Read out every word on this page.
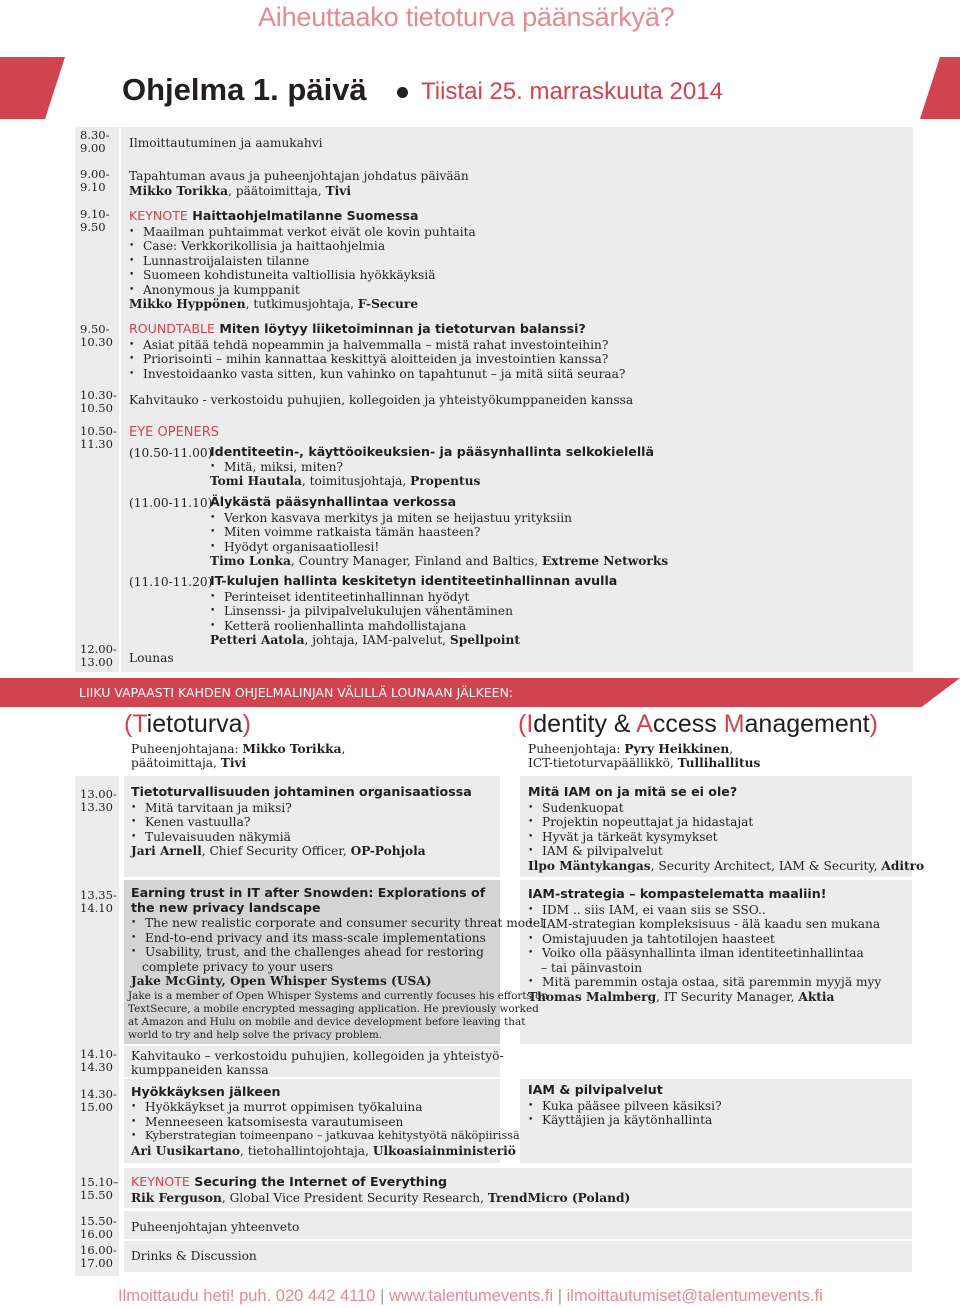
Aiheuttaako tietoturva päänsärkyä?
Ohjelma 1. päivä Tiistai 25. marraskuuta 2014
8.30-
9.00
9.00-
9.10
9.10-
9.50
9.50-
10.30
10.30-
10.50
10.50-
11.30
12.00-
13.00
Ilmoittautuminen ja aamukahvi
Tapahtuman avaus ja puheenjohtajan johdatus päivään
Mikko Torikka, päätoimittaja, Tivi
KEYNOTE Haittaohjelmatilanne Suomessa
• Maailman puhtaimmat verkot eivät ole kovin puhtaita
• Case: Verkkorikollisia ja haittaohjelmia
• Lunnastroijalaisten tilanne
• Suomeen kohdistuneita valtiollisia hyökkäyksiä
• Anonymous ja kumppanit
Mikko Hyppönen, tutkimusjohtaja, F-Secure
ROUNDTABLE Miten löytyy liiketoiminnan ja tietoturvan balanssi?
• Asiat pitää tehdä nopeammin ja halvemmalla – mistä rahat investointeihin?
• Priorisointi – mihin kannattaa keskittyä aloitteiden ja investointien kanssa?
• Investoidaanko vasta sitten, kun vahinko on tapahtunut – ja mitä siitä seuraa?
Kahvitauko - verkostoidu puhujien, kollegoiden ja yhteistyökumppaneiden kanssa
EYE OPENERS
(10.50-11.00)
Identiteetin-, käyttöoikeuksien- ja pääsynhallinta selkokielellä
• Mitä, miksi, miten?
Tomi Hautala, toimitusjohtaja, Propentus
(11.00-11.10)
Älykästä pääsynhallintaa verkossa
• Verkon kasvava merkitys ja miten se heijastuu yrityksiin
• Miten voimme ratkaista tämän haasteen?
• Hyödyt organisaatiollesi!
Timo Lonka, Country Manager, Finland and Baltics, Extreme Networks
(11.10-11.20)
IT-kulujen hallinta keskitetyn identiteetinhallinnan avulla
• Perinteiset identiteetinhallinnan hyödyt
• Linsenssi- ja pilvipalvelukulujen vähentäminen
• Ketterä roolienhallinta mahdollistajana
Petteri Aatola, johtaja, IAM-palvelut, Spellpoint
Lounas
LIIKU VAPAASTI KAHDEN OHJELMALINJAN VÄLILLÄ LOUNAAN JÄLKEEN:
(Tietoturva)	(Identity & Access Management)
Puheenjohtajana: Mikko Torikka,
päätoimittaja, Tivi
Puheenjohtaja: Pyry Heikkinen,
ICT-tietoturvapäällikkö, Tullihallitus
13.00-
13.30
13.35-
14.10
14.10-
14.30
14.30-
15.00
15.10–
15.50
15.50-
16.00
16.00-
17.00
Tietoturvallisuuden johtaminen organisaatiossa
• Mitä tarvitaan ja miksi?
• Kenen vastuulla?
• Tulevaisuuden näkymiä
Jari Arnell, Chief Security Officer, OP-Pohjola
Earning trust in IT after Snowden: Explorations of
the new privacy landscape
• The new realistic corporate and consumer security threat model
• End-to-end privacy and its mass-scale implementations
• Usability, trust, and the challenges ahead for restoring
complete privacy to your users
Jake McGinty, Open Whisper Systems (USA)
Jake is a member of Open Whisper Systems and currently focuses his efforts on
TextSecure, a mobile encrypted messaging application. He previously worked
at Amazon and Hulu on mobile and device development before leaving that
world to try and help solve the privacy problem.
Kahvitauko – verkostoidu puhujien, kollegoiden ja yhteistyö-
kumppaneiden kanssa
Hyökkäyksen jälkeen
• Hyökkäykset ja murrot oppimisen työkaluina
• Menneeseen katsomisesta varautumiseen
• Kyberstrategian toimeenpano – jatkuvaa kehitystyötä näköpiirissä
Ari Uusikartano, tietohallintojohtaja, Ulkoasiainministeriö
KEYNOTE Securing the Internet of Everything
Rik Ferguson, Global Vice President Security Research, TrendMicro (Poland)
Puheenjohtajan yhteenveto
Drinks & Discussion
Mitä IAM on ja mitä se ei ole?
• Sudenkuopat
• Projektin nopeuttajat ja hidastajat
• Hyvät ja tärkeät kysymykset
• IAM & pilvipalvelut
Ilpo Mäntykangas, Security Architect, IAM & Security, Aditro
IAM-strategia – kompastelematta maaliin!
• IDM .. siis IAM, ei vaan siis se SSO..
• IAM-strategian kompleksisuus - älä kaadu sen mukana
• Omistajuuden ja tahtotilojen haasteet
• Voiko olla pääsynhallinta ilman identiteetinhallintaa
– tai päinvastoin
• Mitä paremmin ostaja ostaa, sitä paremmin myyjä myy
Thomas Malmberg, IT Security Manager, Aktia
IAM & pilvipalvelut
• Kuka pääsee pilveen käsiksi?
• Käyttäjien ja käytönhallinta
Ilmoittaudu heti! puh. 020 442 4110 | www.talentumevents.fi | ilmoittautumiset@talentumevents.fi
